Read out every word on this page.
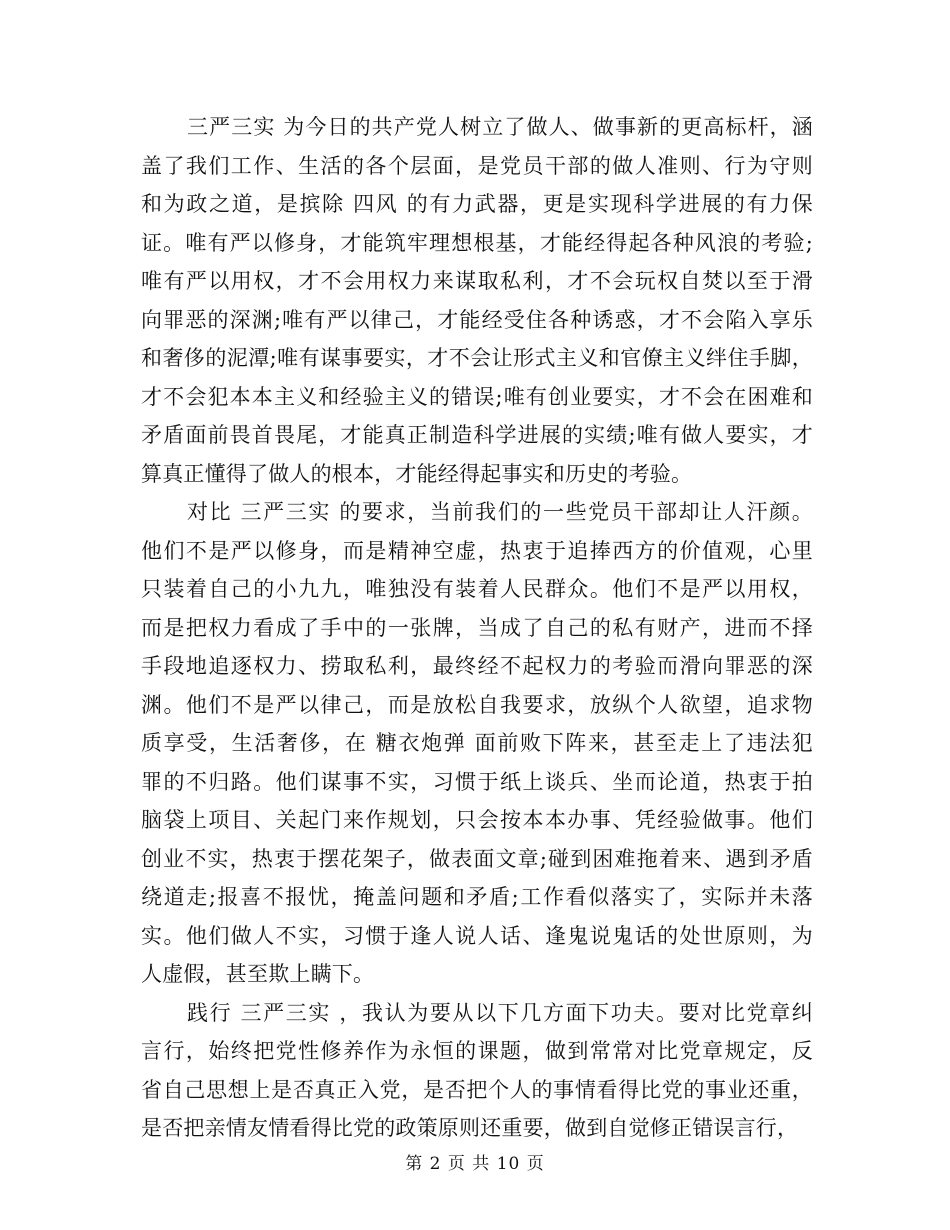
三严三实 为今日的共产党人树立了做人、做事新的更高标杆，涵
盖了我们工作、生活的各个层面，是党员干部的做人准则、行为守则
和为政之道，是摈除 四风 的有力武器，更是实现科学进展的有力保
证。唯有严以修身，才能筑牢理想根基，才能经得起各种风浪的考验;
唯有严以用权，才不会用权力来谋取私利，才不会玩权自焚以至于滑
向罪恶的深渊;唯有严以律己，才能经受住各种诱惑，才不会陷入享乐
和奢侈的泥潭;唯有谋事要实，才不会让形式主义和官僚主义绊住手脚，
才不会犯本本主义和经验主义的错误;唯有创业要实，才不会在困难和
矛盾面前畏首畏尾，才能真正制造科学进展的实绩;唯有做人要实，才
算真正懂得了做人的根本，才能经得起事实和历史的考验。
对比 三严三实 的要求，当前我们的一些党员干部却让人汗颜。
他们不是严以修身，而是精神空虚，热衷于追捧西方的价值观，心里
只装着自己的小九九，唯独没有装着人民群众。他们不是严以用权，
而是把权力看成了手中的一张牌，当成了自己的私有财产，进而不择
手段地追逐权力、捞取私利，最终经不起权力的考验而滑向罪恶的深
渊。他们不是严以律己，而是放松自我要求，放纵个人欲望，追求物
质享受，生活奢侈，在 糖衣炮弹 面前败下阵来，甚至走上了违法犯
罪的不归路。他们谋事不实，习惯于纸上谈兵、坐而论道，热衷于拍
脑袋上项目、关起门来作规划，只会按本本办事、凭经验做事。他们
创业不实，热衷于摆花架子，做表面文章;碰到困难拖着来、遇到矛盾
绕道走;报喜不报忧，掩盖问题和矛盾;工作看似落实了，实际并未落
实。他们做人不实，习惯于逢人说人话、逢鬼说鬼话的处世原则，为
人虚假，甚至欺上瞒下。
践行 三严三实 ，我认为要从以下几方面下功夫。要对比党章纠
言行，始终把党性修养作为永恒的课题，做到常常对比党章规定，反
省自己思想上是否真正入党，是否把个人的事情看得比党的事业还重，
是否把亲情友情看得比党的政策原则还重要，做到自觉修正错误言行，
第 2 页 共 10 页
